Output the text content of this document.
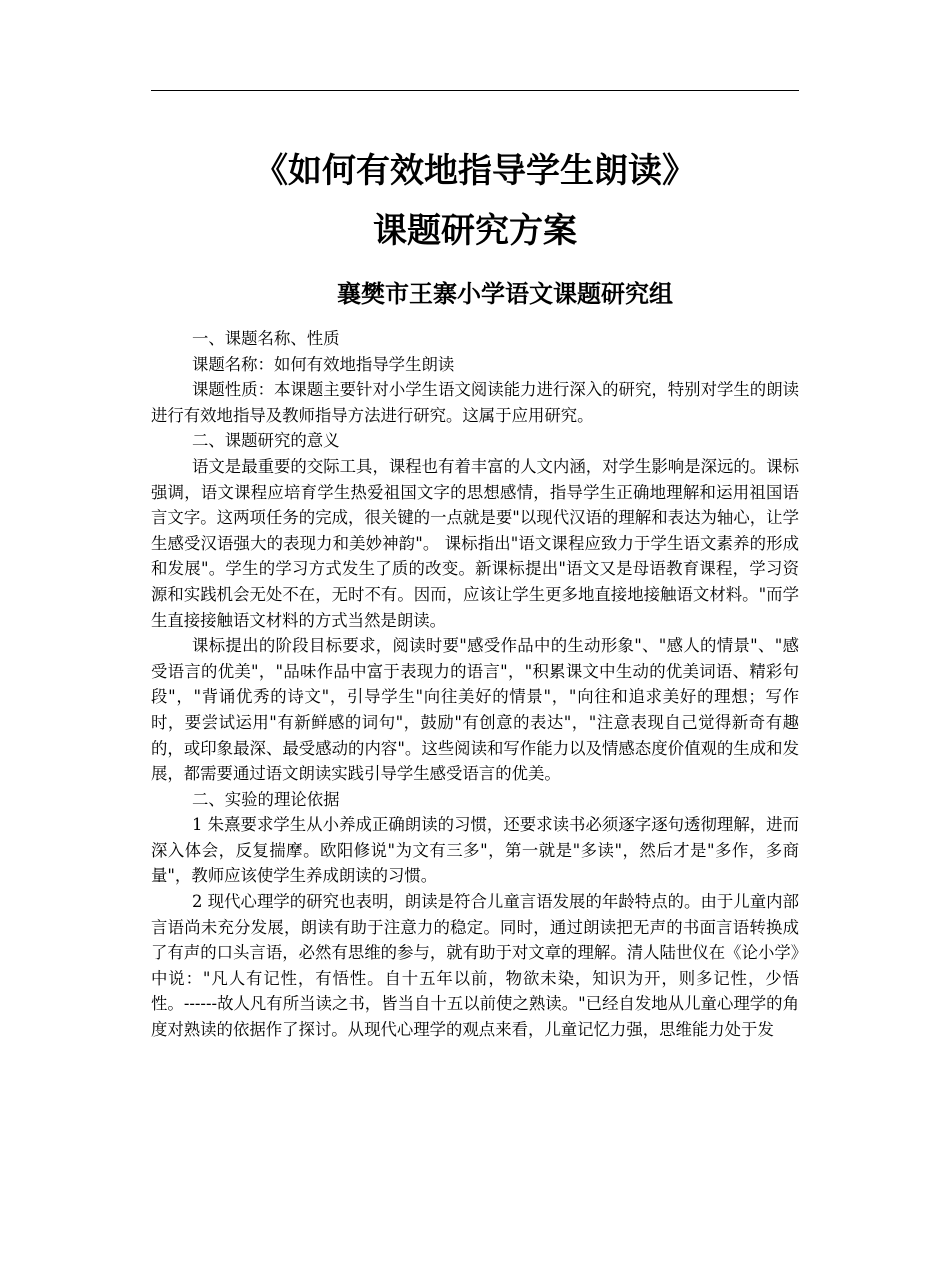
《如何有效地指导学生朗读》
课题研究方案
襄樊市王寨小学语文课题研究组

一、课题名称、性质

课题名称：如何有效地指导学生朗读

课题性质：本课题主要针对小学生语文阅读能力进行深入的研究，特别对学生的朗读进行有效地指导及教师指导方法进行研究。这属于应用研究。

二、课题研究的意义

语文是最重要的交际工具，课程也有着丰富的人文内涵，对学生影响是深远的。课标强调，语文课程应培育学生热爱祖国文字的思想感情，指导学生正确地理解和运用祖国语言文字。这两项任务的完成，很关键的一点就是要"以现代汉语的理解和表达为轴心，让学生感受汉语强大的表现力和美妙神韵"。 课标指出"语文课程应致力于学生语文素养的形成和发展"。学生的学习方式发生了质的改变。新课标提出"语文又是母语教育课程，学习资源和实践机会无处不在，无时不有。因而，应该让学生更多地直接地接触语文材料。"而学生直接接触语文材料的方式当然是朗读。

课标提出的阶段目标要求，阅读时要"感受作品中的生动形象"、"感人的情景"、"感受语言的优美"，"品味作品中富于表现力的语言"，"积累课文中生动的优美词语、精彩句段"，"背诵优秀的诗文"，引导学生"向往美好的情景"，"向往和追求美好的理想；写作时，要尝试运用"有新鲜感的词句"，鼓励"有创意的表达"，"注意表现自己觉得新奇有趣的，或印象最深、最受感动的内容"。这些阅读和写作能力以及情感态度价值观的生成和发展，都需要通过语文朗读实践引导学生感受语言的优美。

二、实验的理论依据

1 朱熹要求学生从小养成正确朗读的习惯，还要求读书必须逐字逐句透彻理解，进而深入体会，反复揣摩。欧阳修说"为文有三多"，第一就是"多读"，然后才是"多作，多商量"，教师应该使学生养成朗读的习惯。

2 现代心理学的研究也表明，朗读是符合儿童言语发展的年龄特点的。由于儿童内部言语尚未充分发展，朗读有助于注意力的稳定。同时，通过朗读把无声的书面言语转换成了有声的口头言语，必然有思维的参与，就有助于对文章的理解。清人陆世仪在《论小学》中说："凡人有记性，有悟性。自十五年以前，物欲未染，知识为开，则多记性，少悟性。------故人凡有所当读之书，皆当自十五以前使之熟读。"已经自发地从儿童心理学的角度对熟读的依据作了探讨。从现代心理学的观点来看，儿童记忆力强，思维能力处于发
